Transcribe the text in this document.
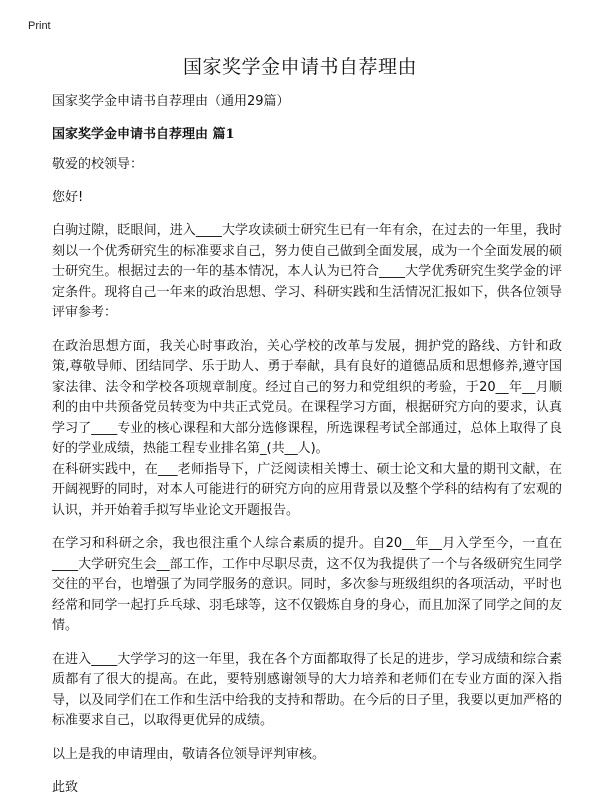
Print
国家奖学金申请书自荐理由

国家奖学金申请书自荐理由（通用29篇）

国家奖学金申请书自荐理由 篇1

敬爱的校领导：

您好!

白驹过隙，眨眼间，进入____大学攻读硕士研究生已有一年有余，在过去的一年里，我时刻以一个优秀研究生的标准要求自己，努力使自己做到全面发展，成为一个全面发展的硕士研究生。根据过去的一年的基本情况，本人认为已符合____大学优秀研究生奖学金的评定条件。现将自己一年来的政治思想、学习、科研实践和生活情况汇报如下，供各位领导评审参考：

在政治思想方面，我关心时事政治，关心学校的改革与发展，拥护党的路线、方针和政策,尊敬导师、团结同学、乐于助人、勇于奉献，具有良好的道德品质和思想修养,遵守国家法律、法令和学校各项规章制度。经过自己的努力和党组织的考验，于20__年__月顺利的由中共预备党员转变为中共正式党员。在课程学习方面，根据研究方向的要求，认真学习了____专业的核心课程和大部分选修课程，所选课程考试全部通过，总体上取得了良好的学业成绩，热能工程专业排名第_(共__人)。

在科研实践中，在___老师指导下，广泛阅读相关博士、硕士论文和大量的期刊文献，在开阔视野的同时，对本人可能进行的研究方向的应用背景以及整个学科的结构有了宏观的认识，并开始着手拟写毕业论文开题报告。

在学习和科研之余，我也很注重个人综合素质的提升。自20__年__月入学至今，一直在____大学研究生会__部工作，工作中尽职尽责，这不仅为我提供了一个与各级研究生同学交往的平台，也增强了为同学服务的意识。同时，多次参与班级组织的各项活动，平时也经常和同学一起打乒乓球、羽毛球等，这不仅锻炼自身的身心，而且加深了同学之间的友情。

在进入____大学学习的这一年里，我在各个方面都取得了长足的进步，学习成绩和综合素质都有了很大的提高。在此，要特别感谢领导的大力培养和老师们在专业方面的深入指导，以及同学们在工作和生活中给我的支持和帮助。在今后的日子里，我要以更加严格的标准要求自己，以取得更优异的成绩。

以上是我的申请理由，敬请各位领导评判审核。

此致
